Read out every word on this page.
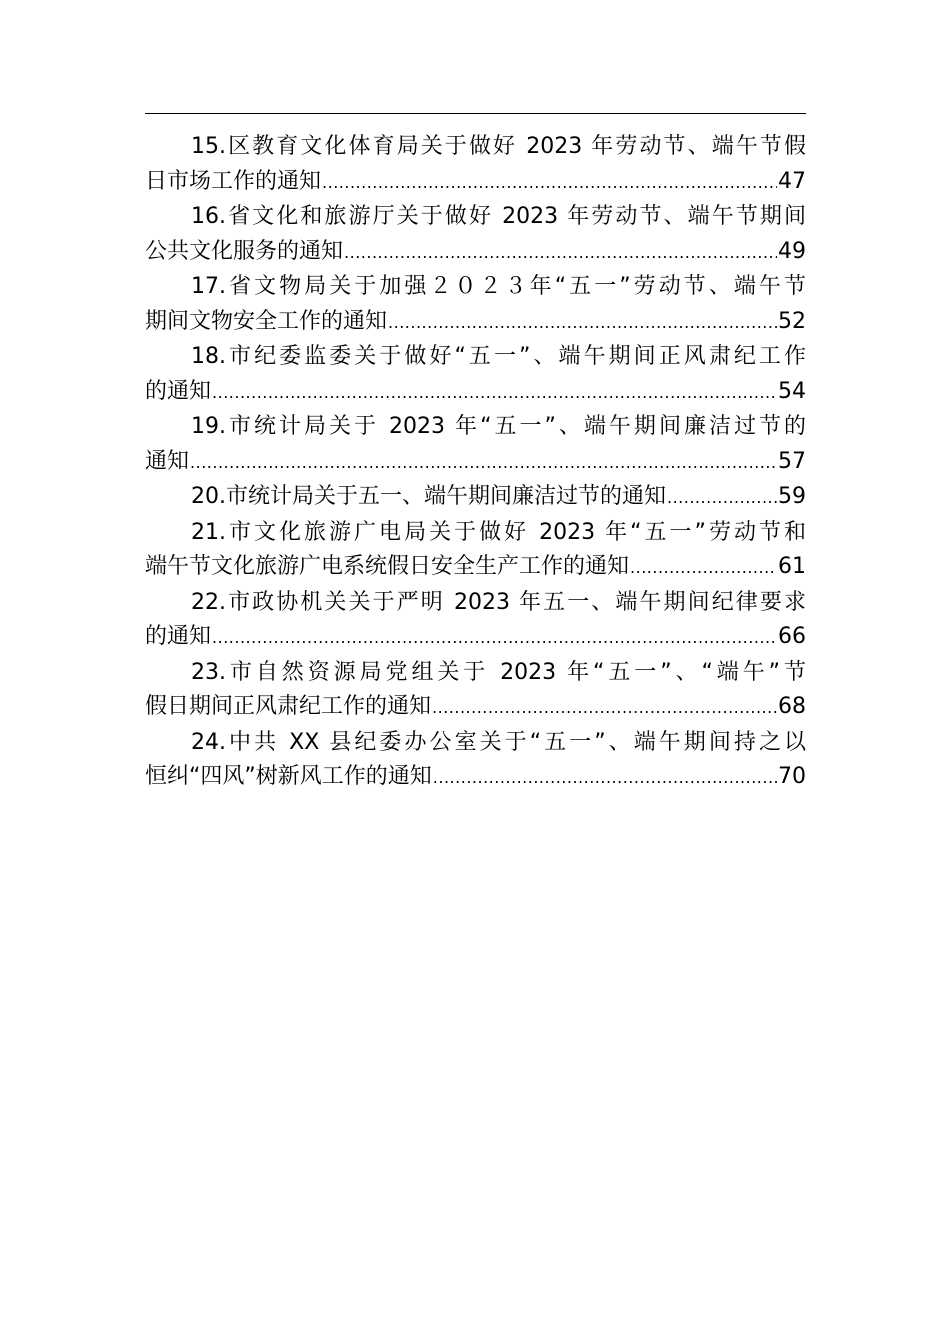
15.区教育文化体育局关于做好 2023 年劳动节、端午节假
日市场工作的通知 .....	47
16.省文化和旅游厅关于做好 2023 年劳动节、端午节期间
公共文化服务的通知 .....	49
17.省文物局关于加强２０２３年“五一”劳动节、端午节
期间文物安全工作的通知 .....	52
18.市纪委监委关于做好“五一”、端午期间正风肃纪工作
的通知 .....	54
19.市统计局关于 2023 年“五一”、端午期间廉洁过节的
通知 .....	57
20.市统计局关于五一、端午期间廉洁过节的通知 .....	59
21.市文化旅游广电局关于做好 2023 年“五一”劳动节和
端午节文化旅游广电系统假日安全生产工作的通知 .....	61
22.市政协机关关于严明 2023 年五一、端午期间纪律要求
的通知 .....	66
23.市自然资源局党组关于 2023 年“五一”、“端午”节
假日期间正风肃纪工作的通知 .....	68
24.中共 XX 县纪委办公室关于“五一”、端午期间持之以
恒纠“四风”树新风工作的通知 .....	70
